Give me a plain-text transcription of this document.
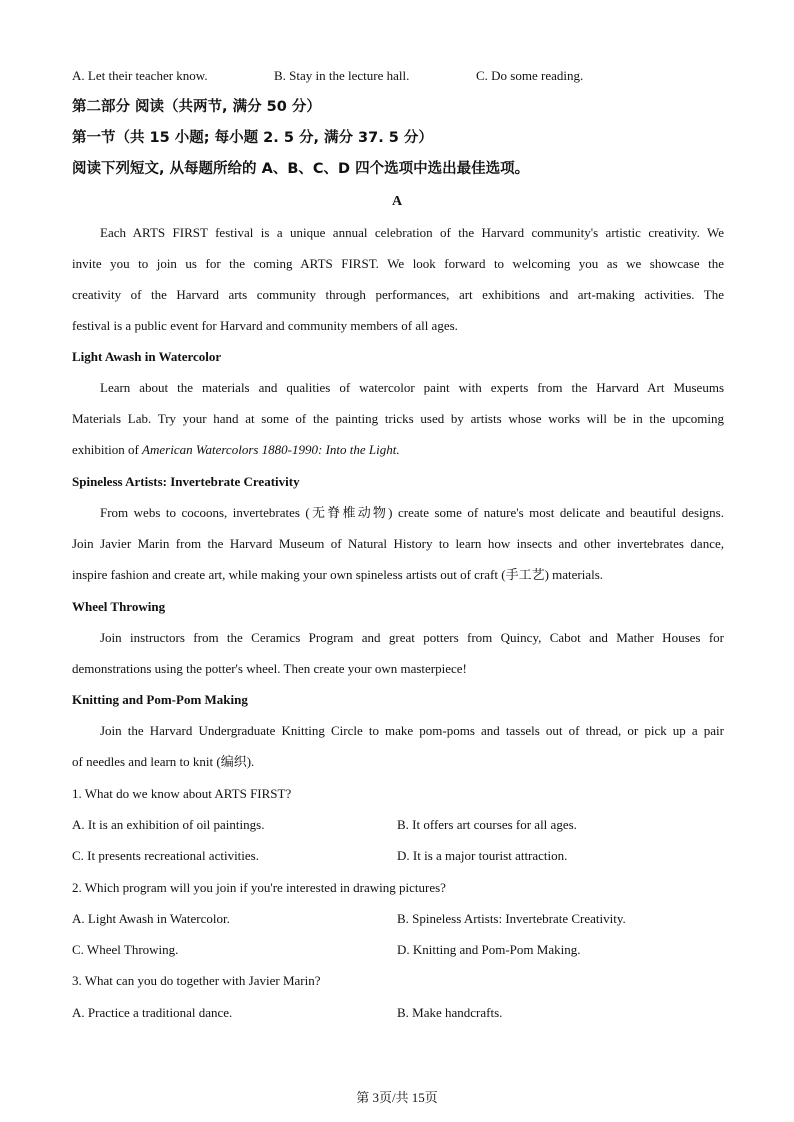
A. Let their teacher know.	B. Stay in the lecture hall.	C. Do some reading.
第二部分 阅读（共两节, 满分 50 分）
第一节（共 15 小题; 每小题 2. 5 分, 满分 37. 5 分）
阅读下列短文, 从每题所给的 A、B、C、D 四个选项中选出最佳选项。
A
Each ARTS FIRST festival is a unique annual celebration of the Harvard community's artistic creativity. We
invite you to join us for the coming ARTS FIRST. We look forward to welcoming you as we showcase the
creativity of the Harvard arts community through performances, art exhibitions and art-making activities. The
festival is a public event for Harvard and community members of all ages.
Light Awash in Watercolor
Learn about the materials and qualities of watercolor paint with experts from the Harvard Art Museums
Materials Lab. Try your hand at some of the painting tricks used by artists whose works will be in the upcoming
exhibition of American Watercolors 1880-1990: Into the Light.
Spineless Artists: Invertebrate Creativity
From webs to cocoons, invertebrates (无脊椎动物) create some of nature's most delicate and beautiful designs.
Join Javier Marin from the Harvard Museum of Natural History to learn how insects and other invertebrates dance,
inspire fashion and create art, while making your own spineless artists out of craft (手工艺) materials.
Wheel Throwing
Join instructors from the Ceramics Program and great potters from Quincy, Cabot and Mather Houses for
demonstrations using the potter's wheel. Then create your own masterpiece!
Knitting and Pom-Pom Making
Join the Harvard Undergraduate Knitting Circle to make pom-poms and tassels out of thread, or pick up a pair
of needles and learn to knit (编织).
1. What do we know about ARTS FIRST?
A. It is an exhibition of oil paintings.	B. It offers art courses for all ages.
C. It presents recreational activities.	D. It is a major tourist attraction.
2. Which program will you join if you're interested in drawing pictures?
A. Light Awash in Watercolor.	B. Spineless Artists: Invertebrate Creativity.
C. Wheel Throwing.	D. Knitting and Pom-Pom Making.
3. What can you do together with Javier Marin?
A. Practice a traditional dance.	B. Make handcrafts.
第 3页/共 15页
